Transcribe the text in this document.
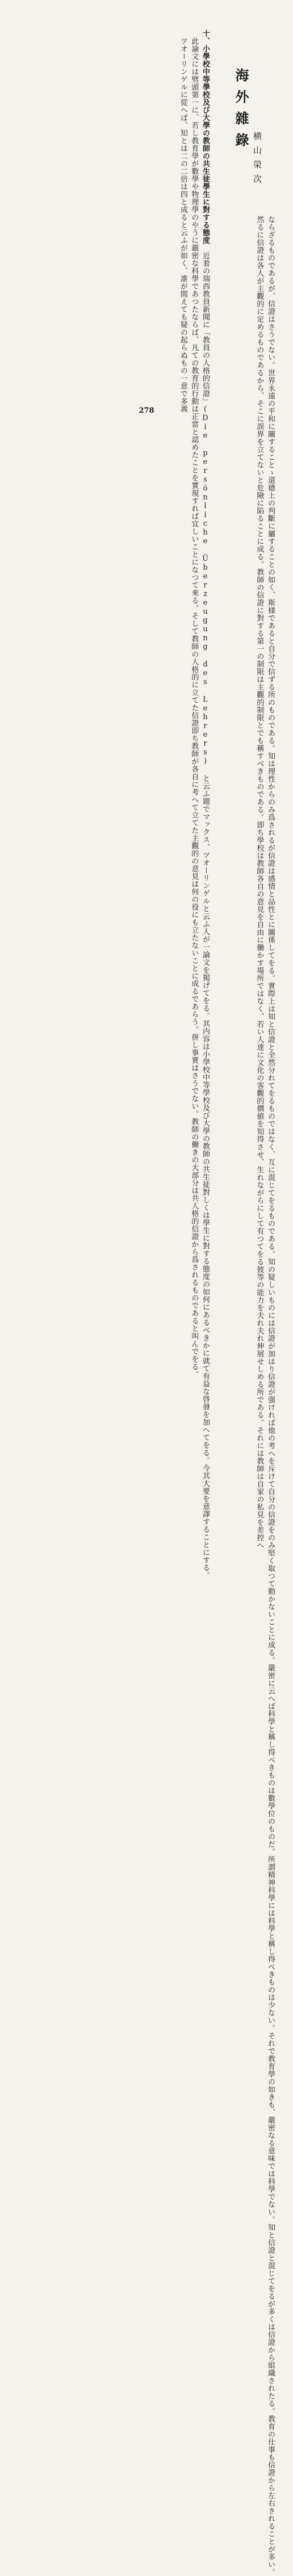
海外雜錄
横山榮次
十、小學校中等學校及び大學の教師の共生徒學生に對する態度　近着の瑞西教員新聞に「教員の人格的信證」(Die persönliche Überzeugung des Lehrers) と云ふ題でマックス、ツオーリンゲルと云ふ人が一論文を掲げてをる。其内容は小學校中等學校及び大學の教師の共生徒對しくは學生に對する態度の如何にあるべきかに就て有益な啓發を加へてをる。今其大要を意譯することにする。
　此論文には劈頭第一に、若し教育學が數學や物理學のやうに嚴密な科學であつたならば、凡ての教育的行動は正當と認めたことを實現すれば宜しいことになつて來る。そして教師の人格的に立てた信證即ち教師が各自に考へて立てた主觀的の意見は何の役にも立たないことに成るであらう。併し事實はさうでない。教師の働きの大部分は共人格的信證から爲されるものであると叫んでをる。
　ツオーリンゲルに從へば、知とは二の二倍は四と成ると云ふが如く、誰が間えても疑の起らぬもの一意で多義	ならざるものであるが、信證はさうでない。世界永遠の平和に關することゝ道德上の判斷に屬することの如く、斯様であると自分で信ずる所のものである。知は理性からのみ爲されるが信證は感情と品性とに關係してをる。實際上は知と信證と全然分れてをるものではなく、互に混じてをるものである。知の疑しいものには信證が加はり信證が强ければ他の考へを斥けて自分の信證をのみ堅く取つて動かないことに成る。嚴密に云へば科學と稱し得べきものは數學位のものだ。所謂精神科學には科學と稱し得べきものは少ない。それで教育學の如きも、嚴密なる意味では科學でない。知と信證と混じてをるが多くは信證から組織されたる。教育の仕事も信證から左右されることが多い。
然るに信證は各人が主觀的に定めるものであるから、そこに誤界を立てないと危險に陷ることに成る。教師の信證に對する第一の制限は主觀的制限とでも稱すべきものである。即ち學校は教師各自の意見を自由に働かす場所ではなく、若い人達に文化の客觀的價値を知得させ、生れながらにして有つてをる彼等の能力を夫れ夫れ伸展せしめる所である。それには教師は自家の私見を差控へ
278
